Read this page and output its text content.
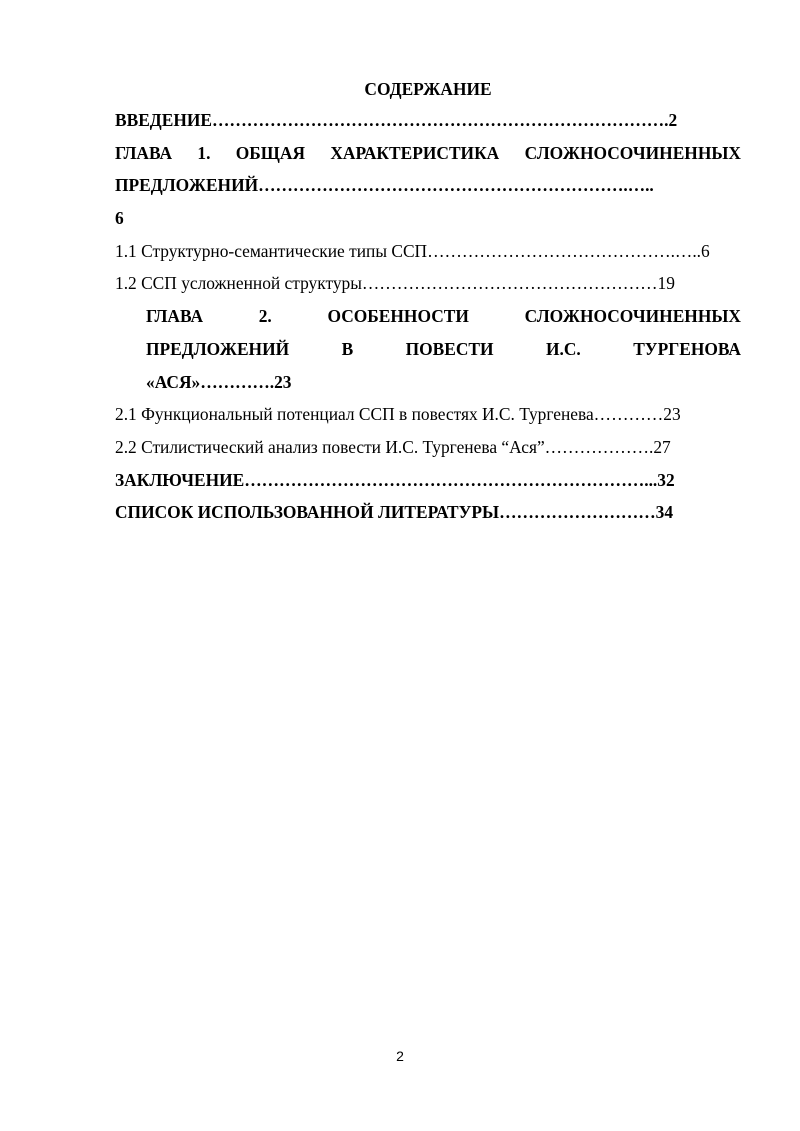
СОДЕРЖАНИЕ
ВВЕДЕНИЕ…………………………………………………………………….2
ГЛАВА 1. ОБЩАЯ ХАРАКТЕРИСТИКА СЛОЖНОСОЧИНЕННЫХ
ПРЕДЛОЖЕНИЙ……………………………………………………….…..
6
1.1 Структурно-семантические типы ССП…………………………………….…..6
1.2 ССП усложненной структуры……………………………………………19
ГЛАВА	2.	ОСОБЕННОСТИ	СЛОЖНОСОЧИНЕННЫХ
ПРЕДЛОЖЕНИЙ	В	ПОВЕСТИ	И.С.	ТУРГЕНОВА
«АСЯ»………….23
2.1 Функциональный потенциал ССП в повестях И.С. Тургенева…………23
2.2 Стилистический анализ повести И.С. Тургенева “Ася”……………….27
ЗАКЛЮЧЕНИЕ……………………………………………………………...32
СПИСОК ИСПОЛЬЗОВАННОЙ ЛИТЕРАТУРЫ………………………34
2
